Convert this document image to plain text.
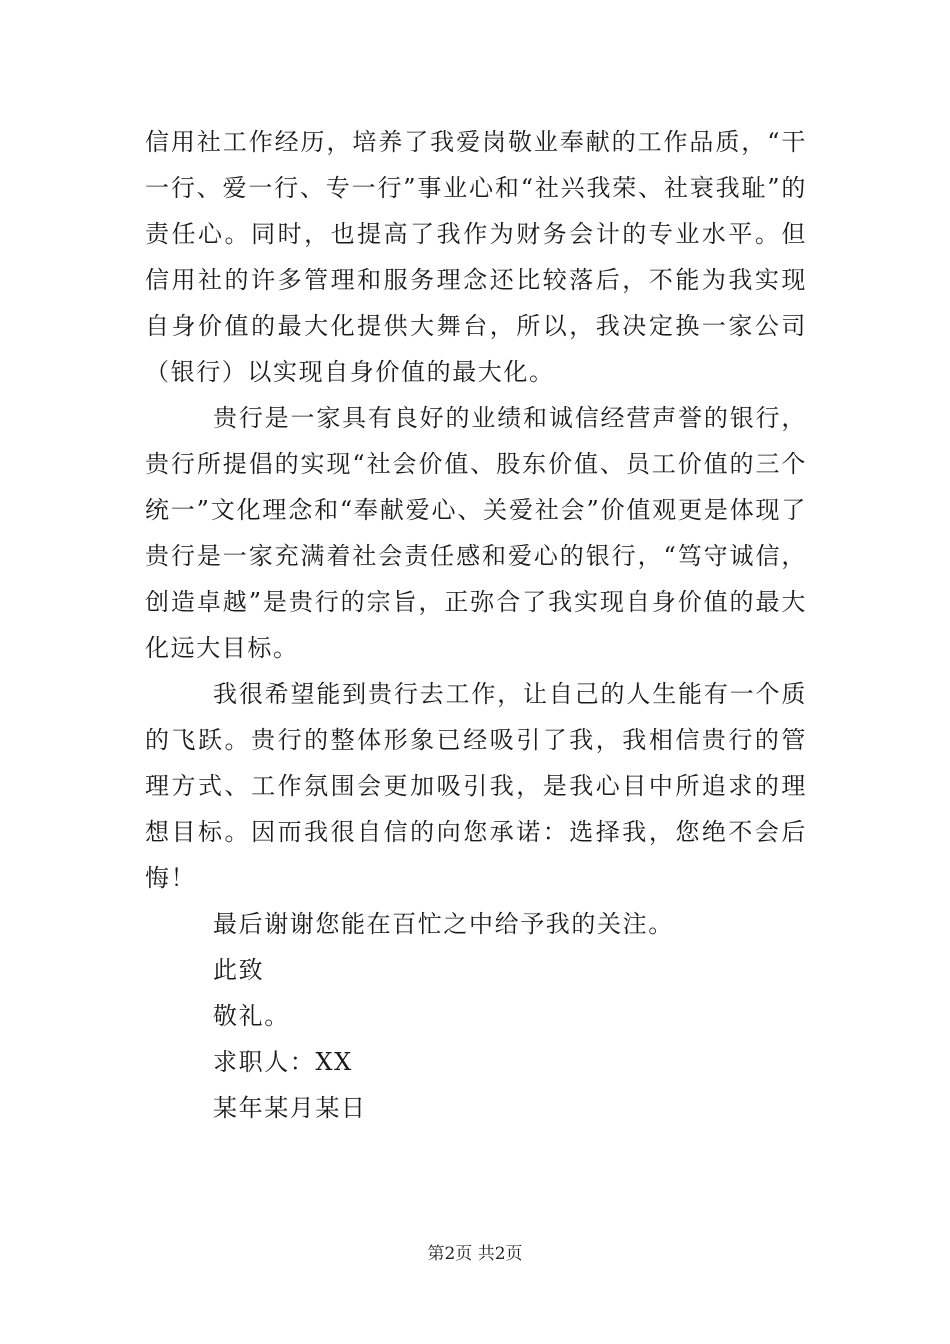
信用社工作经历，培养了我爱岗敬业奉献的工作品质，“干一行、爱一行、专一行”事业心和“社兴我荣、社衰我耻”的责任心。同时，也提高了我作为财务会计的专业水平。但信用社的许多管理和服务理念还比较落后，不能为我实现自身价值的最大化提供大舞台，所以，我决定换一家公司（银行）以实现自身价值的最大化。

贵行是一家具有良好的业绩和诚信经营声誉的银行，贵行所提倡的实现“社会价值、股东价值、员工价值的三个统一”文化理念和“奉献爱心、关爱社会”价值观更是体现了贵行是一家充满着社会责任感和爱心的银行，“笃守诚信，创造卓越”是贵行的宗旨，正弥合了我实现自身价值的最大化远大目标。

我很希望能到贵行去工作，让自己的人生能有一个质的飞跃。贵行的整体形象已经吸引了我，我相信贵行的管理方式、工作氛围会更加吸引我，是我心目中所追求的理想目标。因而我很自信的向您承诺：选择我，您绝不会后悔！

最后谢谢您能在百忙之中给予我的关注。

此致

敬礼。

求职人：XX

某年某月某日

第2页 共2页
